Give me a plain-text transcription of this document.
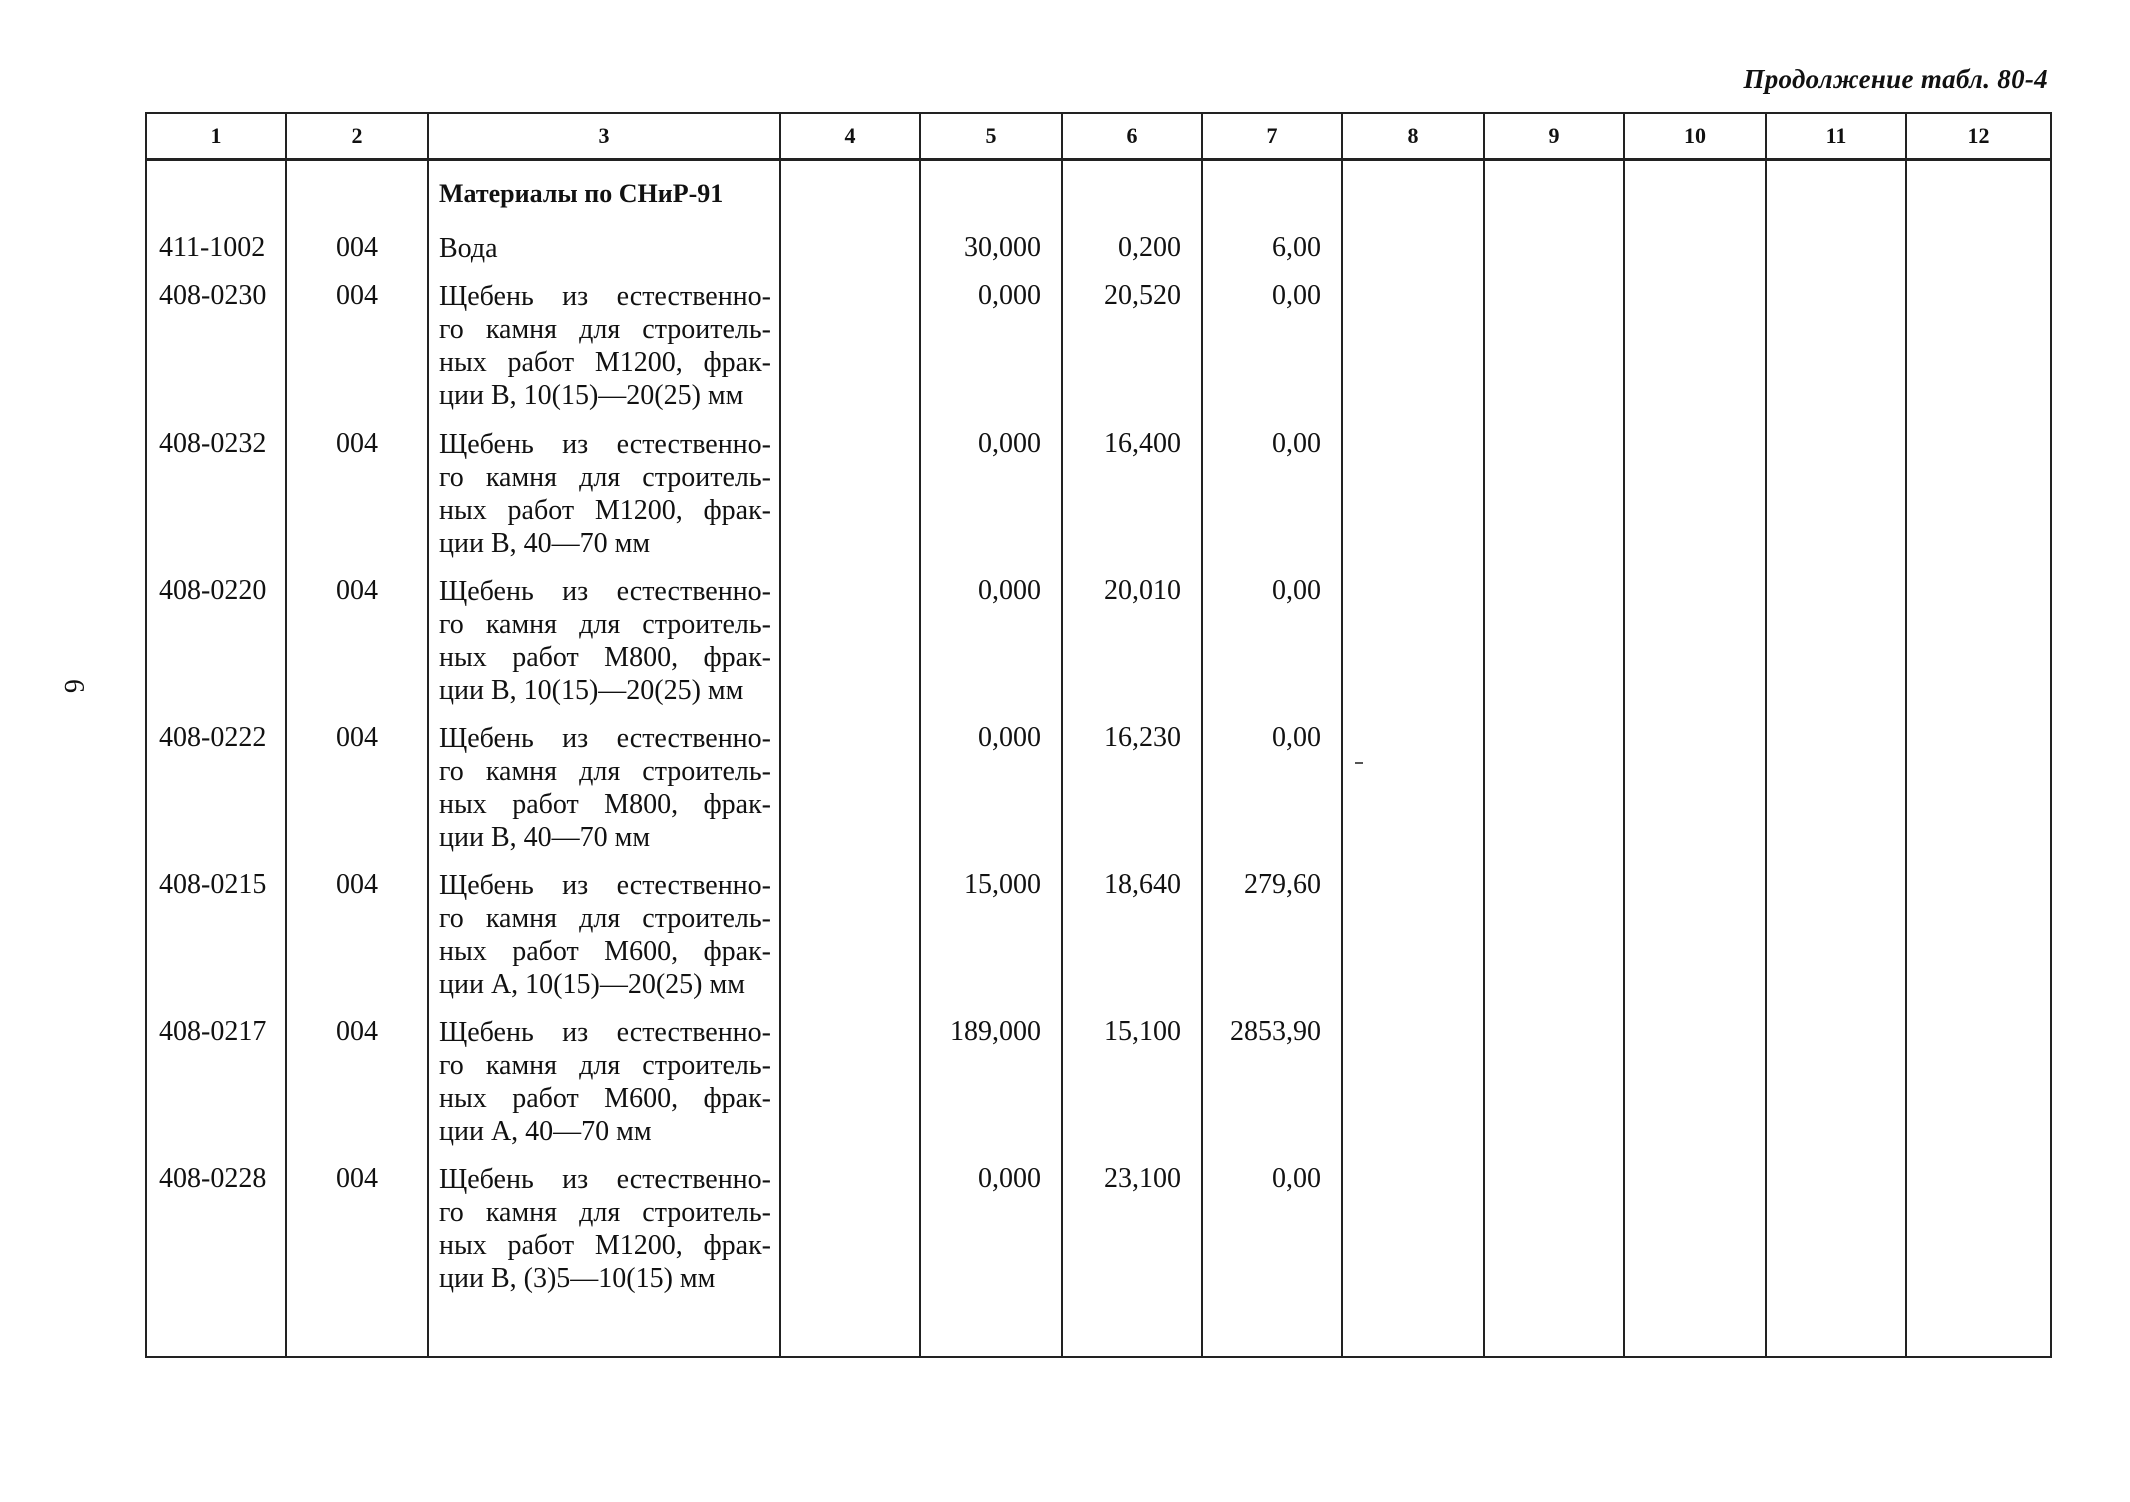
Продолжение табл. 80-4
6
1	2	3	4	5	6	7	8	9	10	11	12
		Материалы по СНиР-91									
411-1002	004	Вода		30,000	0,200	6,00					
408-0230	004	Щебень из естественно-
го камня для строитель-
ных работ М1200, фрак-
ции В, 10(15)—20(25) мм		0,000	20,520	0,00					
408-0232	004	Щебень из естественно-
го камня для строитель-
ных работ М1200, фрак-
ции В, 40—70 мм		0,000	16,400	0,00					
408-0220	004	Щебень из естественно-
го камня для строитель-
ных работ М800, фрак-
ции В, 10(15)—20(25) мм		0,000	20,010	0,00					
408-0222	004	Щебень из естественно-
го камня для строитель-
ных работ М800, фрак-
ции В, 40—70 мм		0,000	16,230	0,00					
408-0215	004	Щебень из естественно-
го камня для строитель-
ных работ М600, фрак-
ции А, 10(15)—20(25) мм		15,000	18,640	279,60					
408-0217	004	Щебень из естественно-
го камня для строитель-
ных работ М600, фрак-
ции А, 40—70 мм		189,000	15,100	2853,90					
408-0228	004	Щебень из естественно-
го камня для строитель-
ных работ М1200, фрак-
ции В, (3)5—10(15) мм		0,000	23,100	0,00					
